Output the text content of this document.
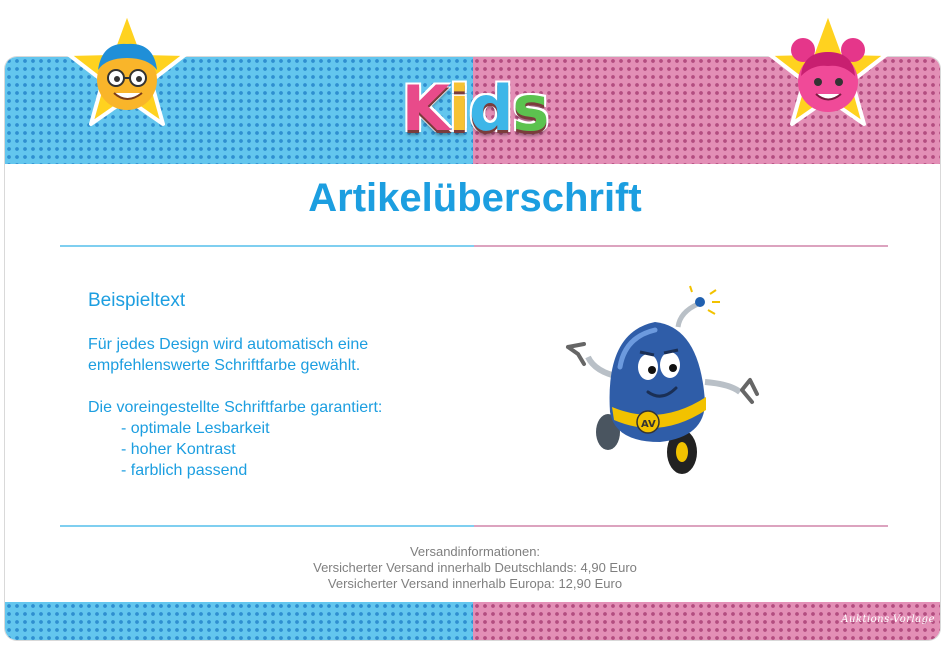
Kids
Artikelüberschrift
Beispieltext
Für jedes Design wird automatisch eine
empfehlenswerte Schriftfarbe gewählt.
Die voreingestellte Schriftfarbe garantiert:
- optimale Lesbarkeit
- hoher Kontrast
- farblich passend
AV
Versandinformationen:
Versicherter Versand innerhalb Deutschlands: 4,90 Euro
Versicherter Versand innerhalb Europa: 12,90 Euro
Auktions-Vorlage
